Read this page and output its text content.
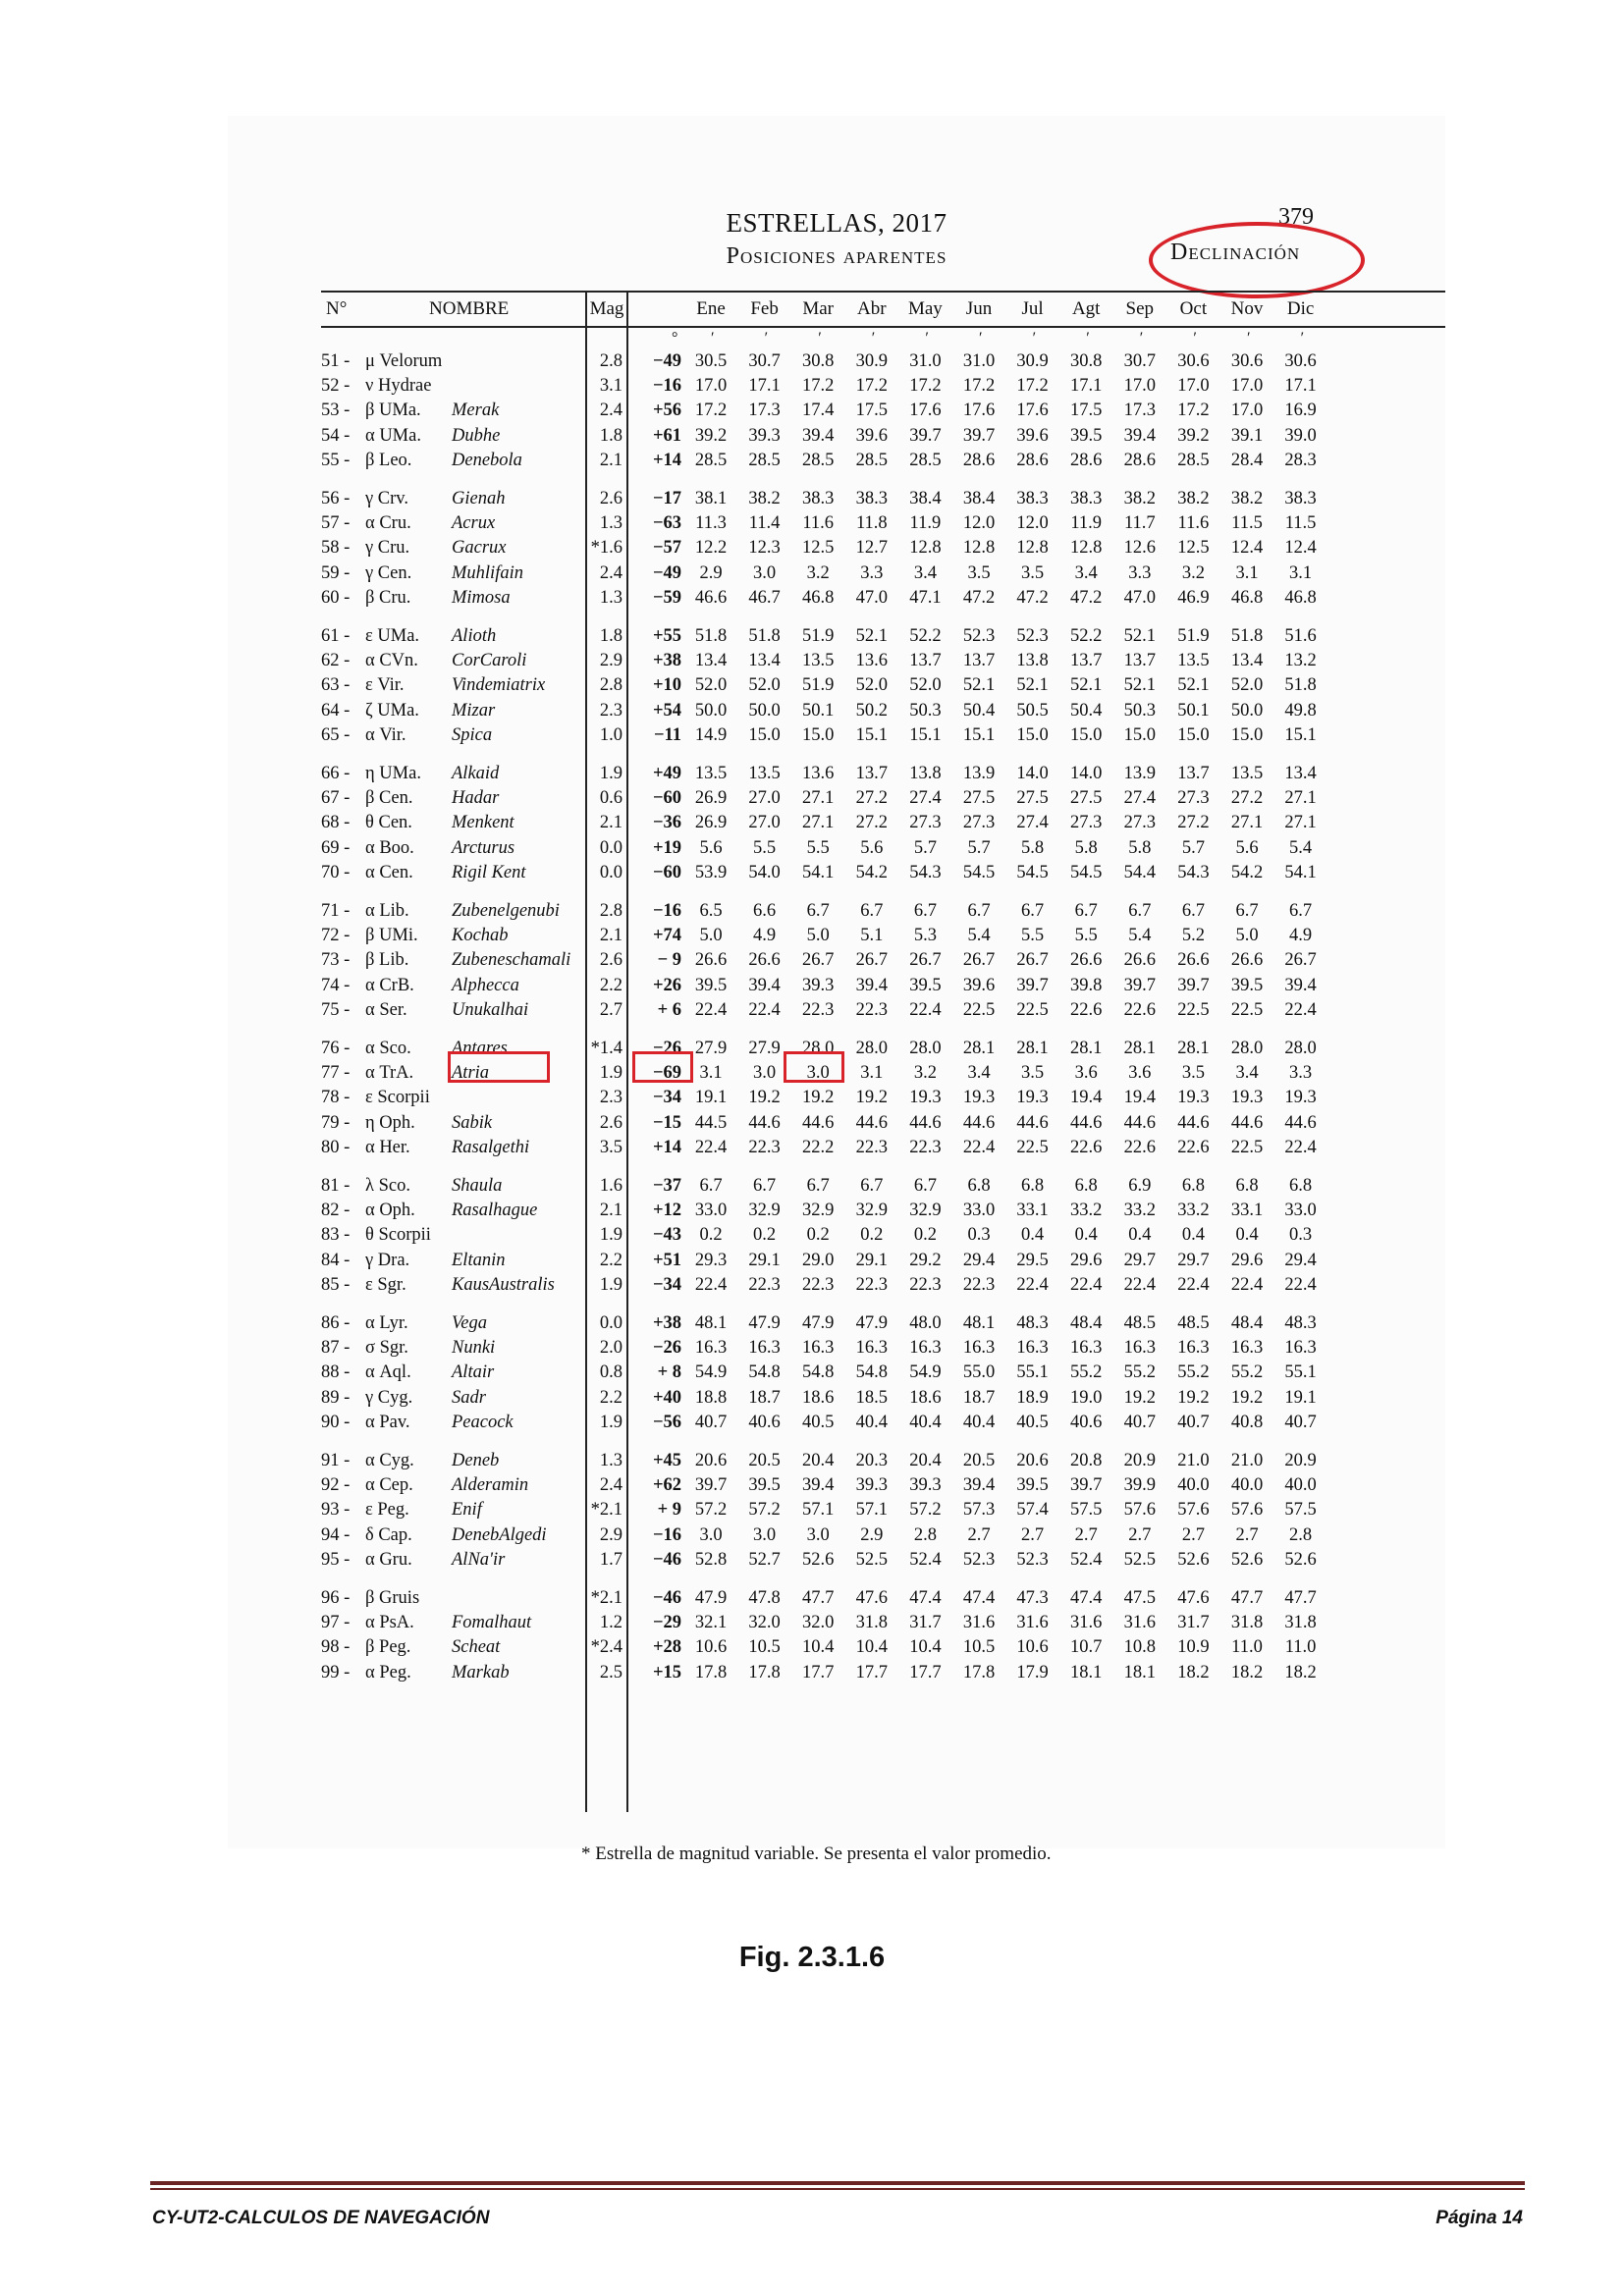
ESTRELLAS, 2017	379
Posiciones aparentes	Declinación
N°	NOMBRE	Mag	Ene	Feb	Mar	Abr	May	Jun	Jul	Agt	Sep	Oct	Nov	Dic
° ′	′	′	′	′	′	′	′	′	′	′	′
51 - μ Velorum	2.8	−49 30.5	30.7	30.8	30.9	31.0	31.0	30.9	30.8	30.7	30.6	30.6	30.6
52 - ν Hydrae	3.1	−16 17.0	17.1	17.2	17.2	17.2	17.2	17.2	17.1	17.0	17.0	17.0	17.1
53 - β UMa. Merak	2.4	+56 17.2	17.3	17.4	17.5	17.6	17.6	17.6	17.5	17.3	17.2	17.0	16.9
54 - α UMa. Dubhe	1.8	+61 39.2	39.3	39.4	39.6	39.7	39.7	39.6	39.5	39.4	39.2	39.1	39.0
55 - β Leo. Denebola	2.1	+14 28.5	28.5	28.5	28.5	28.5	28.6	28.6	28.6	28.6	28.5	28.4	28.3
56 - γ Crv. Gienah	2.6	−17 38.1	38.2	38.3	38.3	38.4	38.4	38.3	38.3	38.2	38.2	38.2	38.3
57 - α Cru. Acrux	1.3	−63 11.3	11.4	11.6	11.8	11.9	12.0	12.0	11.9	11.7	11.6	11.5	11.5
58 - γ Cru. Gacrux	*1.6	−57 12.2	12.3	12.5	12.7	12.8	12.8	12.8	12.8	12.6	12.5	12.4	12.4
59 - γ Cen. Muhlifain	2.4	−49 2.9	3.0	3.2	3.3	3.4	3.5	3.5	3.4	3.3	3.2	3.1	3.1
60 - β Cru. Mimosa	1.3	−59 46.6	46.7	46.8	47.0	47.1	47.2	47.2	47.2	47.0	46.9	46.8	46.8
61 - ε UMa. Alioth	1.8	+55 51.8	51.8	51.9	52.1	52.2	52.3	52.3	52.2	52.1	51.9	51.8	51.6
62 - α CVn. CorCaroli	2.9	+38 13.4	13.4	13.5	13.6	13.7	13.7	13.8	13.7	13.7	13.5	13.4	13.2
63 - ε Vir.	Vindemiatrix	2.8	+10 52.0	52.0	51.9	52.0	52.0	52.1	52.1	52.1	52.1	52.1	52.0	51.8
64 - ζ UMa. Mizar	2.3	+54 50.0	50.0	50.1	50.2	50.3	50.4	50.5	50.4	50.3	50.1	50.0	49.8
65 - α Vir.	Spica	1.0	−11 14.9	15.0	15.0	15.1	15.1	15.1	15.0	15.0	15.0	15.0	15.0	15.1
66 - η UMa. Alkaid	1.9	+49 13.5	13.5	13.6	13.7	13.8	13.9	14.0	14.0	13.9	13.7	13.5	13.4
67 - β Cen. Hadar	0.6	−60 26.9	27.0	27.1	27.2	27.4	27.5	27.5	27.5	27.4	27.3	27.2	27.1
68 - θ Cen. Menkent	2.1	−36 26.9	27.0	27.1	27.2	27.3	27.3	27.4	27.3	27.3	27.2	27.1	27.1
69 - α Boo. Arcturus	0.0	+19 5.6	5.5	5.5	5.6	5.7	5.7	5.8	5.8	5.8	5.7	5.6	5.4
70 - α Cen. Rigil Kent	0.0	−60 53.9	54.0	54.1	54.2	54.3	54.5	54.5	54.5	54.4	54.3	54.2	54.1
71 - α Lib. Zubenelgenubi	2.8	−16 6.5	6.6	6.7	6.7	6.7	6.7	6.7	6.7	6.7	6.7	6.7	6.7
72 - β UMi. Kochab	2.1	+74 5.0	4.9	5.0	5.1	5.3	5.4	5.5	5.5	5.4	5.2	5.0	4.9
73 - β Lib. Zubeneschamali	2.6	− 9 26.6	26.6	26.7	26.7	26.7	26.7	26.7	26.6	26.6	26.6	26.6	26.7
74 - α CrB. Alphecca	2.2	+26 39.5	39.4	39.3	39.4	39.5	39.6	39.7	39.8	39.7	39.7	39.5	39.4
75 - α Ser. Unukalhai	2.7	+ 6 22.4	22.4	22.3	22.3	22.4	22.5	22.5	22.6	22.6	22.5	22.5	22.4
76 - α Sco. Antares	*1.4	−26 27.9	27.9	28.0	28.0	28.0	28.1	28.1	28.1	28.1	28.1	28.0	28.0
77 - α TrA. Atria	1.9	−69 3.1	3.0	3.0	3.1	3.2	3.4	3.5	3.6	3.6	3.5	3.4	3.3
78 - ε Scorpii	2.3	−34 19.1	19.2	19.2	19.2	19.3	19.3	19.3	19.4	19.4	19.3	19.3	19.3
79 - η Oph. Sabik	2.6	−15 44.5	44.6	44.6	44.6	44.6	44.6	44.6	44.6	44.6	44.6	44.6	44.6
80 - α Her. Rasalgethi	3.5	+14 22.4	22.3	22.2	22.3	22.3	22.4	22.5	22.6	22.6	22.6	22.5	22.4
81 - λ Sco. Shaula	1.6	−37 6.7	6.7	6.7	6.7	6.7	6.8	6.8	6.8	6.9	6.8	6.8	6.8
82 - α Oph. Rasalhague	2.1	+12 33.0	32.9	32.9	32.9	32.9	33.0	33.1	33.2	33.2	33.2	33.1	33.0
83 - θ Scorpii	1.9	−43 0.2	0.2	0.2	0.2	0.2	0.3	0.4	0.4	0.4	0.4	0.4	0.3
84 - γ Dra. Eltanin	2.2	+51 29.3	29.1	29.0	29.1	29.2	29.4	29.5	29.6	29.7	29.7	29.6	29.4
85 - ε Sgr.	KausAustralis	1.9	−34 22.4	22.3	22.3	22.3	22.3	22.3	22.4	22.4	22.4	22.4	22.4	22.4
86 - α Lyr. Vega	0.0	+38 48.1	47.9	47.9	47.9	48.0	48.1	48.3	48.4	48.5	48.5	48.4	48.3
87 - σ Sgr. Nunki	2.0	−26 16.3	16.3	16.3	16.3	16.3	16.3	16.3	16.3	16.3	16.3	16.3	16.3
88 - α Aql. Altair	0.8	+ 8 54.9	54.8	54.8	54.8	54.9	55.0	55.1	55.2	55.2	55.2	55.2	55.1
89 - γ Cyg. Sadr	2.2	+40 18.8	18.7	18.6	18.5	18.6	18.7	18.9	19.0	19.2	19.2	19.2	19.1
90 - α Pav. Peacock	1.9	−56 40.7	40.6	40.5	40.4	40.4	40.4	40.5	40.6	40.7	40.7	40.8	40.7
91 - α Cyg. Deneb	1.3	+45 20.6	20.5	20.4	20.3	20.4	20.5	20.6	20.8	20.9	21.0	21.0	20.9
92 - α Cep. Alderamin	2.4	+62 39.7	39.5	39.4	39.3	39.3	39.4	39.5	39.7	39.9	40.0	40.0	40.0
93 - ε Peg. Enif	*2.1	+ 9 57.2	57.2	57.1	57.1	57.2	57.3	57.4	57.5	57.6	57.6	57.6	57.5
94 - δ Cap. DenebAlgedi	2.9	−16 3.0	3.0	3.0	2.9	2.8	2.7	2.7	2.7	2.7	2.7	2.7	2.8
95 - α Gru. AlNa'ir	1.7	−46 52.8	52.7	52.6	52.5	52.4	52.3	52.3	52.4	52.5	52.6	52.6	52.6
96 - β Gruis	*2.1	−46 47.9	47.8	47.7	47.6	47.4	47.4	47.3	47.4	47.5	47.6	47.7	47.7
97 - α PsA. Fomalhaut	1.2	−29 32.1	32.0	32.0	31.8	31.7	31.6	31.6	31.6	31.6	31.7	31.8	31.8
98 - β Peg. Scheat	*2.4	+28 10.6	10.5	10.4	10.4	10.4	10.5	10.6	10.7	10.8	10.9	11.0	11.0
99 - α Peg. Markab	2.5	+15 17.8	17.8	17.7	17.7	17.7	17.8	17.9	18.1	18.1	18.2	18.2	18.2
* Estrella de magnitud variable. Se presenta el valor promedio.
Fig. 2.3.1.6
CY-UT2-CALCULOS DE NAVEGACIÓN	Página 14
